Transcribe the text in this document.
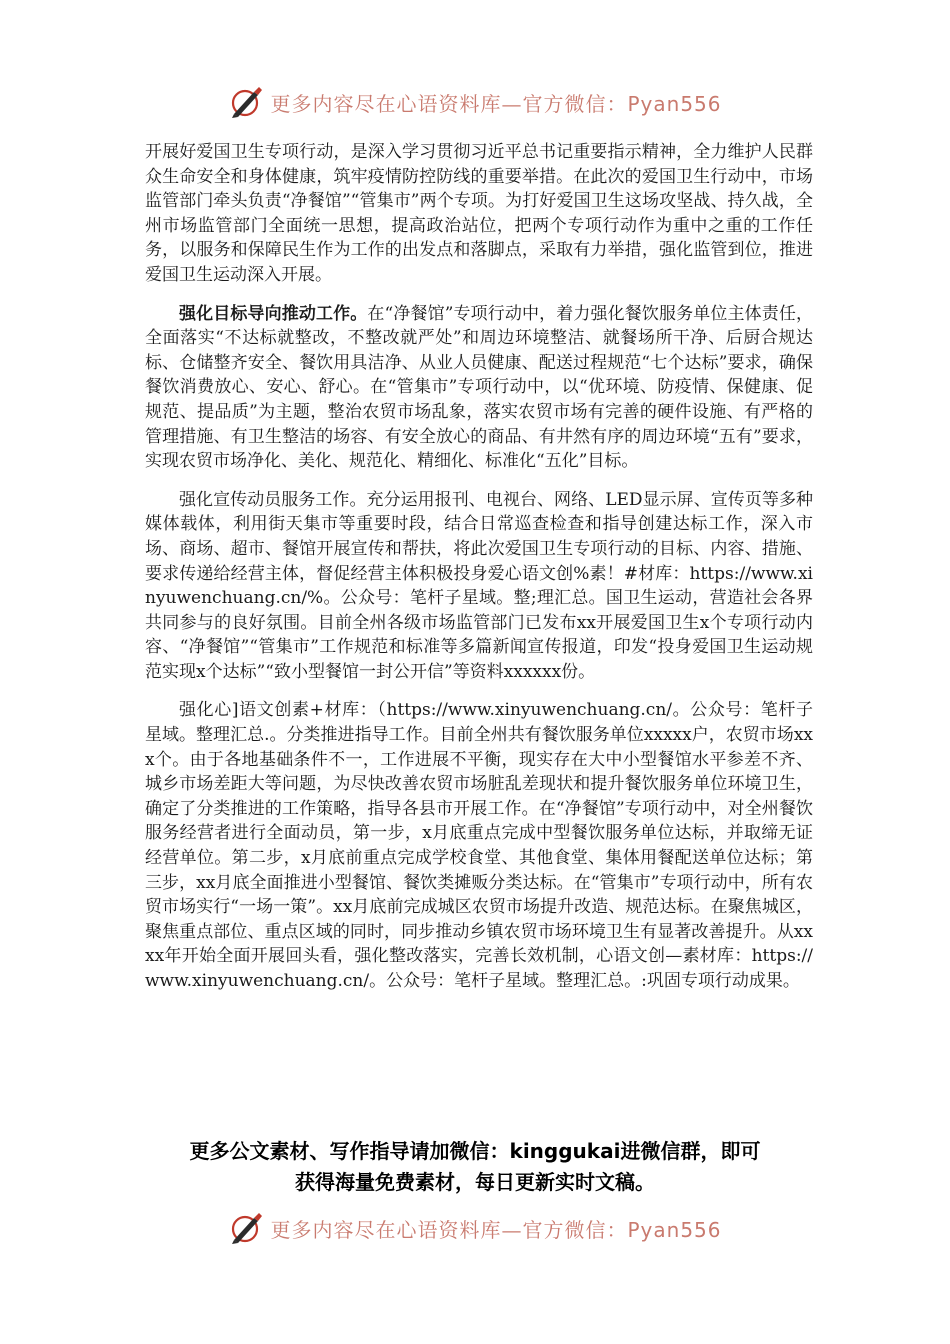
更多内容尽在心语资料库—官方微信：Pyan556

开展好爱国卫生专项行动，是深入学习贯彻习近平总书记重要指示精神，全力维护人民群众生命安全和身体健康，筑牢疫情防控防线的重要举措。在此次的爱国卫生行动中，市场监管部门牵头负责“净餐馆”“管集市”两个专项。为打好爱国卫生这场攻坚战、持久战，全州市场监管部门全面统一思想，提高政治站位，把两个专项行动作为重中之重的工作任务，以服务和保障民生作为工作的出发点和落脚点，采取有力举措，强化监管到位，推进爱国卫生运动深入开展。

强化目标导向推动工作。在“净餐馆”专项行动中，着力强化餐饮服务单位主体责任，全面落实“不达标就整改，不整改就严处”和周边环境整洁、就餐场所干净、后厨合规达标、仓储整齐安全、餐饮用具洁净、从业人员健康、配送过程规范“七个达标”要求，确保餐饮消费放心、安心、舒心。在“管集市”专项行动中，以“优环境、防疫情、保健康、促规范、提品质”为主题，整治农贸市场乱象，落实农贸市场有完善的硬件设施、有严格的管理措施、有卫生整洁的场容、有安全放心的商品、有井然有序的周边环境“五有”要求，实现农贸市场净化、美化、规范化、精细化、标准化“五化”目标。

强化宣传动员服务工作。充分运用报刊、电视台、网络、LED显示屏、宣传页等多种媒体载体，利用街天集市等重要时段，结合日常巡查检查和指导创建达标工作，深入市场、商场、超市、餐馆开展宣传和帮扶，将此次爱国卫生专项行动的目标、内容、措施、要求传递给经营主体，督促经营主体积极投身爱心语文创%素！#材库：https://www.xinyuwenchuang.cn/%。公众号：笔杆子星域。整;理汇总。国卫生运动，营造社会各界共同参与的良好氛围。目前全州各级市场监管部门已发布xx开展爱国卫生x个专项行动内容、“净餐馆”“管集市”工作规范和标准等多篇新闻宣传报道，印发“投身爱国卫生运动规范实现x个达标”“致小型餐馆一封公开信”等资料xxxxxx份。

强化心]语文创素+材库：（https://www.xinyuwenchuang.cn/。公众号：笔杆子星域。整理汇总.。分类推进指导工作。目前全州共有餐饮服务单位xxxxx户，农贸市场xxx个。由于各地基础条件不一，工作进展不平衡，现实存在大中小型餐馆水平参差不齐、城乡市场差距大等问题，为尽快改善农贸市场脏乱差现状和提升餐饮服务单位环境卫生，确定了分类推进的工作策略，指导各县市开展工作。在“净餐馆”专项行动中，对全州餐饮服务经营者进行全面动员，第一步，x月底重点完成中型餐饮服务单位达标，并取缔无证经营单位。第二步，x月底前重点完成学校食堂、其他食堂、集体用餐配送单位达标；第三步，xx月底全面推进小型餐馆、餐饮类摊贩分类达标。在“管集市”专项行动中，所有农贸市场实行“一场一策”。xx月底前完成城区农贸市场提升改造、规范达标。在聚焦城区，聚焦重点部位、重点区域的同时，同步推动乡镇农贸市场环境卫生有显著改善提升。从xxxx年开始全面开展回头看，强化整改落实，完善长效机制，心语文创—素材库：https://www.xinyuwenchuang.cn/。公众号：笔杆子星域。整理汇总。:巩固专项行动成果。

更多公文素材、写作指导请加微信：kinggukai进微信群，即可
获得海量免费素材，每日更新实时文稿。
更多内容尽在心语资料库—官方微信：Pyan556
